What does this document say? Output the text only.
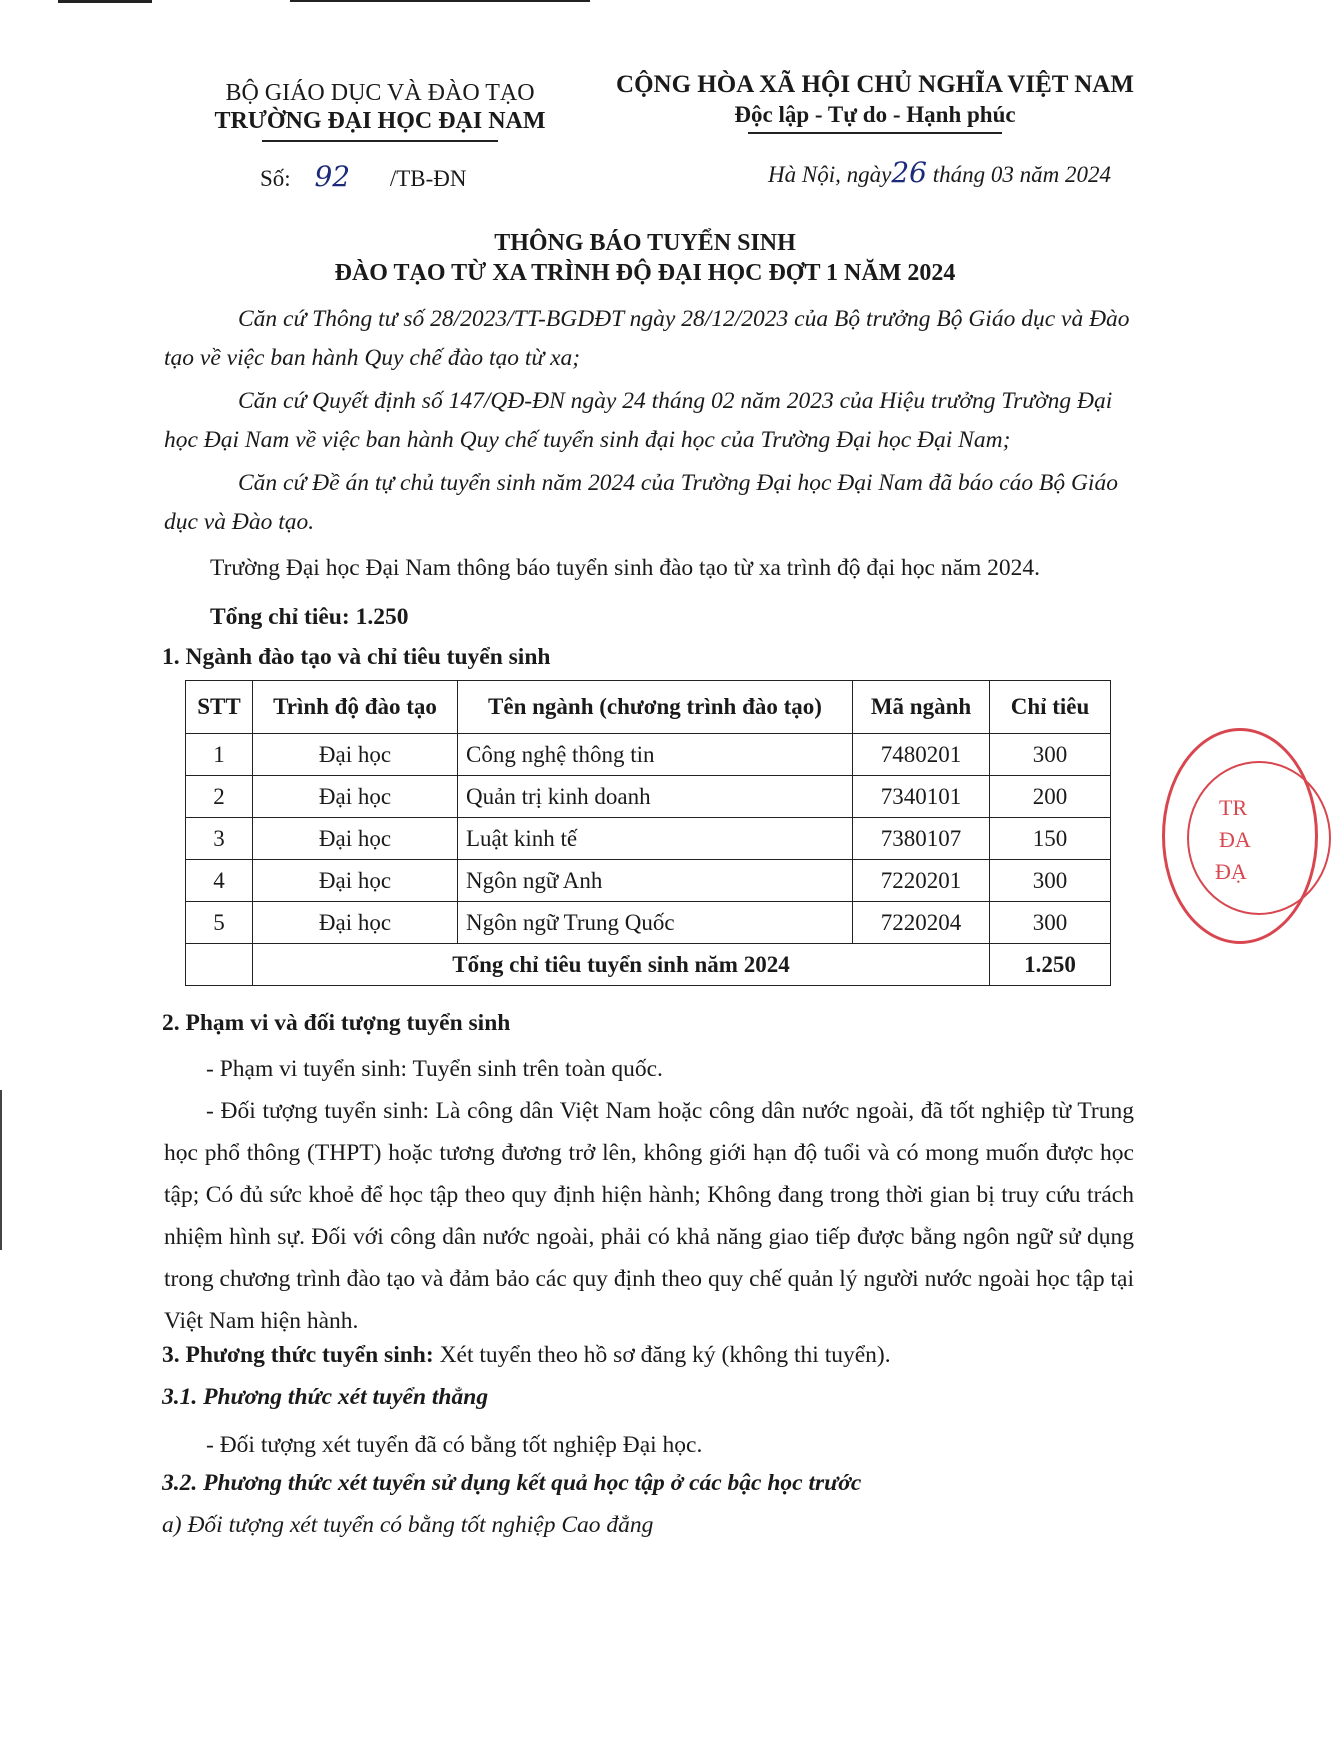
BỘ GIÁO DỤC VÀ ĐÀO TẠO
TRƯỜNG ĐẠI HỌC ĐẠI NAM
CỘNG HÒA XÃ HỘI CHỦ NGHĨA VIỆT NAM
Độc lập - Tự do - Hạnh phúc
Số: 92 /TB-ĐN	Hà Nội, ngày26 tháng 03 năm 2024
THÔNG BÁO TUYỂN SINH
ĐÀO TẠO TỪ XA TRÌNH ĐỘ ĐẠI HỌC ĐỢT 1 NĂM 2024

Căn cứ Thông tư số 28/2023/TT-BGDĐT ngày 28/12/2023 của Bộ trưởng Bộ Giáo dục và Đào tạo về việc ban hành Quy chế đào tạo từ xa;

Căn cứ Quyết định số 147/QĐ-ĐN ngày 24 tháng 02 năm 2023 của Hiệu trưởng Trường Đại học Đại Nam về việc ban hành Quy chế tuyển sinh đại học của Trường Đại học Đại Nam;

Căn cứ Đề án tự chủ tuyển sinh năm 2024 của Trường Đại học Đại Nam đã báo cáo Bộ Giáo dục và Đào tạo.

Trường Đại học Đại Nam thông báo tuyển sinh đào tạo từ xa trình độ đại học năm 2024.
Tổng chỉ tiêu: 1.250
1. Ngành đào tạo và chỉ tiêu tuyển sinh
STT	Trình độ đào tạo	Tên ngành (chương trình đào tạo)	Mã ngành	Chỉ tiêu
1	Đại học	Công nghệ thông tin	7480201	300
2	Đại học	Quản trị kinh doanh	7340101	200
3	Đại học	Luật kinh tế	7380107	150
4	Đại học	Ngôn ngữ Anh	7220201	300
5	Đại học	Ngôn ngữ Trung Quốc	7220204	300
	Tổng chỉ tiêu tuyển sinh năm 2024			1.250
2. Phạm vi và đối tượng tuyển sinh
- Phạm vi tuyển sinh: Tuyển sinh trên toàn quốc.
- Đối tượng tuyển sinh: Là công dân Việt Nam hoặc công dân nước ngoài, đã tốt nghiệp từ Trung học phổ thông (THPT) hoặc tương đương trở lên, không giới hạn độ tuổi và có mong muốn được học tập; Có đủ sức khoẻ để học tập theo quy định hiện hành; Không đang trong thời gian bị truy cứu trách nhiệm hình sự. Đối với công dân nước ngoài, phải có khả năng giao tiếp được bằng ngôn ngữ sử dụng trong chương trình đào tạo và đảm bảo các quy định theo quy chế quản lý người nước ngoài học tập tại Việt Nam hiện hành.
3. Phương thức tuyển sinh: Xét tuyển theo hồ sơ đăng ký (không thi tuyển).
3.1. Phương thức xét tuyển thẳng
- Đối tượng xét tuyển đã có bằng tốt nghiệp Đại học.
3.2. Phương thức xét tuyển sử dụng kết quả học tập ở các bậc học trước
a) Đối tượng xét tuyển có bằng tốt nghiệp Cao đẳng
TR
ĐA
ĐẠ
